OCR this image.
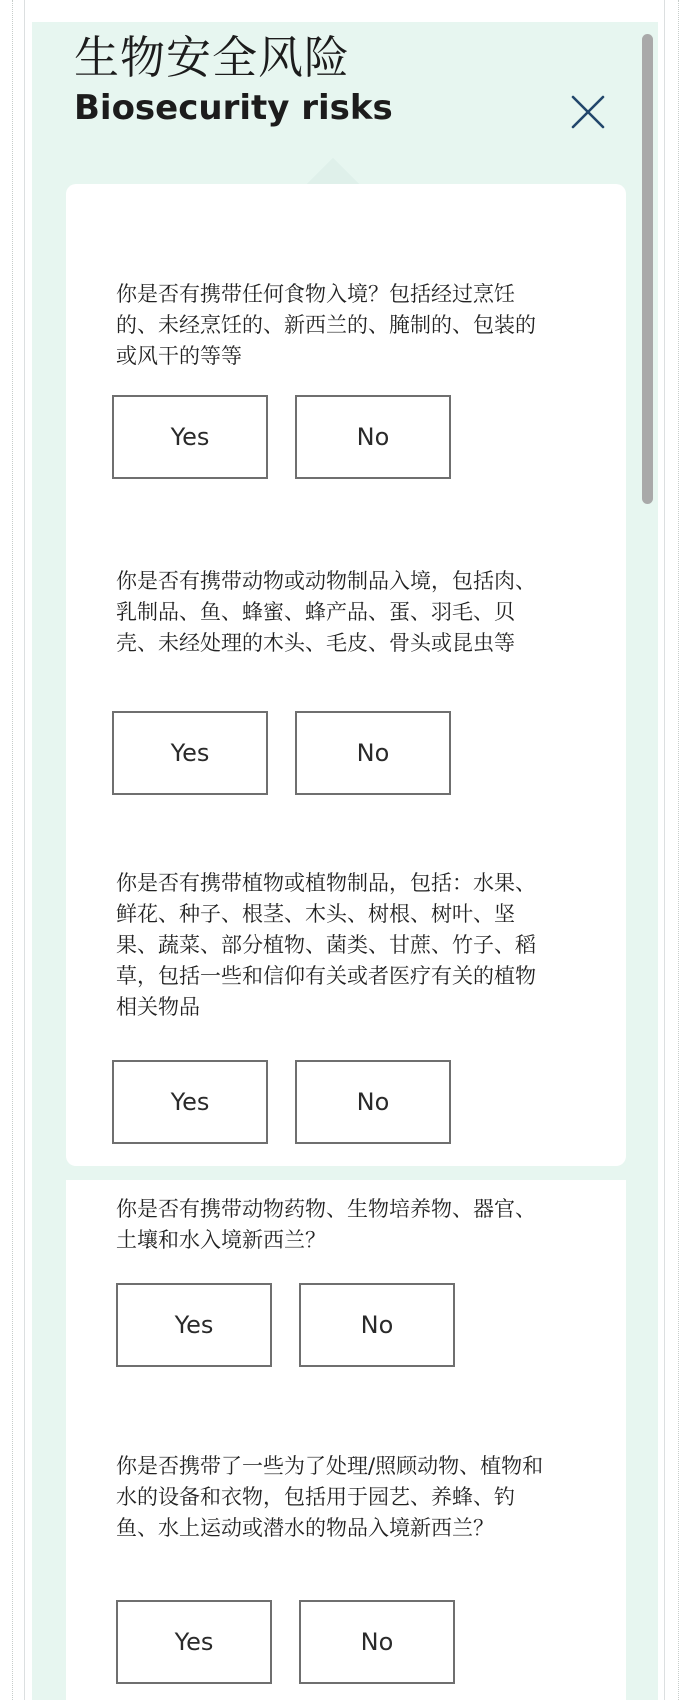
生物安全风险
Biosecurity risks
你是否有携带任何食物入境？包括经过烹饪的、未经烹饪的、新西兰的、腌制的、包装的或风干的等等
Yes	No
你是否有携带动物或动物制品入境，包括肉、乳制品、鱼、蜂蜜、蜂产品、蛋、羽毛、贝壳、未经处理的木头、毛皮、骨头或昆虫等
Yes	No
你是否有携带植物或植物制品，包括：水果、鲜花、种子、根茎、木头、树根、树叶、坚果、蔬菜、部分植物、菌类、甘蔗、竹子、稻草，包括一些和信仰有关或者医疗有关的植物相关物品
Yes	No
你是否有携带动物药物、生物培养物、器官、土壤和水入境新西兰？
Yes	No
你是否携带了一些为了处理/照顾动物、植物和水的设备和衣物，包括用于园艺、养蜂、钓鱼、水上运动或潜水的物品入境新西兰？
Yes	No
